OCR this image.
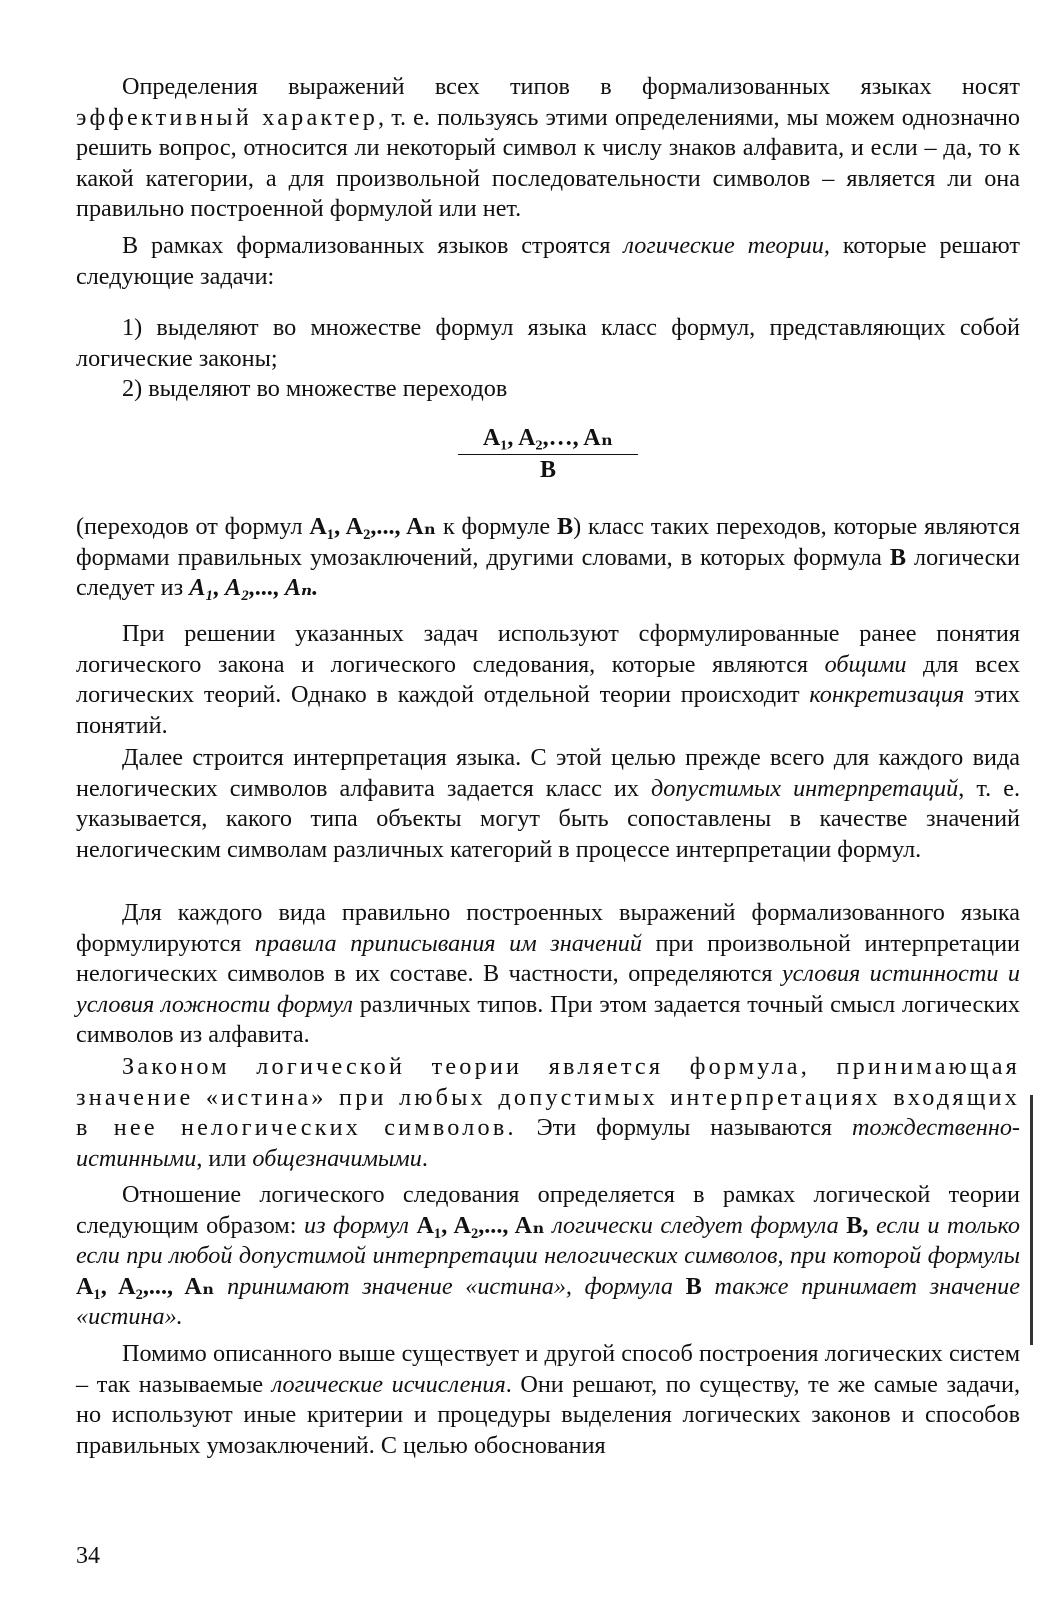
Определения выражений всех типов в формализованных языках носят эффективный характер, т. е. пользуясь этими определениями, мы можем однозначно решить вопрос, относится ли некоторый символ к числу знаков алфавита, и если – да, то к какой категории, а для произвольной последовательности символов – является ли она правильно построенной формулой или нет.

В рамках формализованных языков строятся логические теории, которые решают следующие задачи:

1) выделяют во множестве формул языка класс формул, представляющих собой логические законы;

2) выделяют во множестве переходов

A₁, A₂,…, Aₙ
B

(переходов от формул A₁, A₂,..., Aₙ к формуле B) класс таких переходов, которые являются формами правильных умозаключений, другими словами, в которых формула B логически следует из A₁, A₂,..., Aₙ.

При решении указанных задач используют сформулированные ранее понятия логического закона и логического следования, которые являются общими для всех логических теорий. Однако в каждой отдельной теории происходит конкретизация этих понятий.

Далее строится интерпретация языка. С этой целью прежде всего для каждого вида нелогических символов алфавита задается класс их допустимых интерпретаций, т. е. указывается, какого типа объекты могут быть сопоставлены в качестве значений нелогическим символам различных категорий в процессе интерпретации формул.

Для каждого вида правильно построенных выражений формализованного языка формулируются правила приписывания им значений при произвольной интерпретации нелогических символов в их составе. В частности, определяются условия истинности и условия ложности формул различных типов. При этом задается точный смысл логических символов из алфавита.

Законом логической теории является формула, принимающая значение «истина» при любых допустимых интерпретациях входящих в нее нелогических символов. Эти формулы называются тождественно-истинными, или общезначимыми.

Отношение логического следования определяется в рамках логической теории следующим образом: из формул A₁, A₂,..., Aₙ логически следует формула B, если и только если при любой допустимой интерпретации нелогических символов, при которой формулы A₁, A₂,..., Aₙ принимают значение «истина», формула B также принимает значение «истина».

Помимо описанного выше существует и другой способ построения логических систем – так называемые логические исчисления. Они решают, по существу, те же самые задачи, но используют иные критерии и процедуры выделения логических законов и способов правильных умозаключений. С целью обоснования

34
